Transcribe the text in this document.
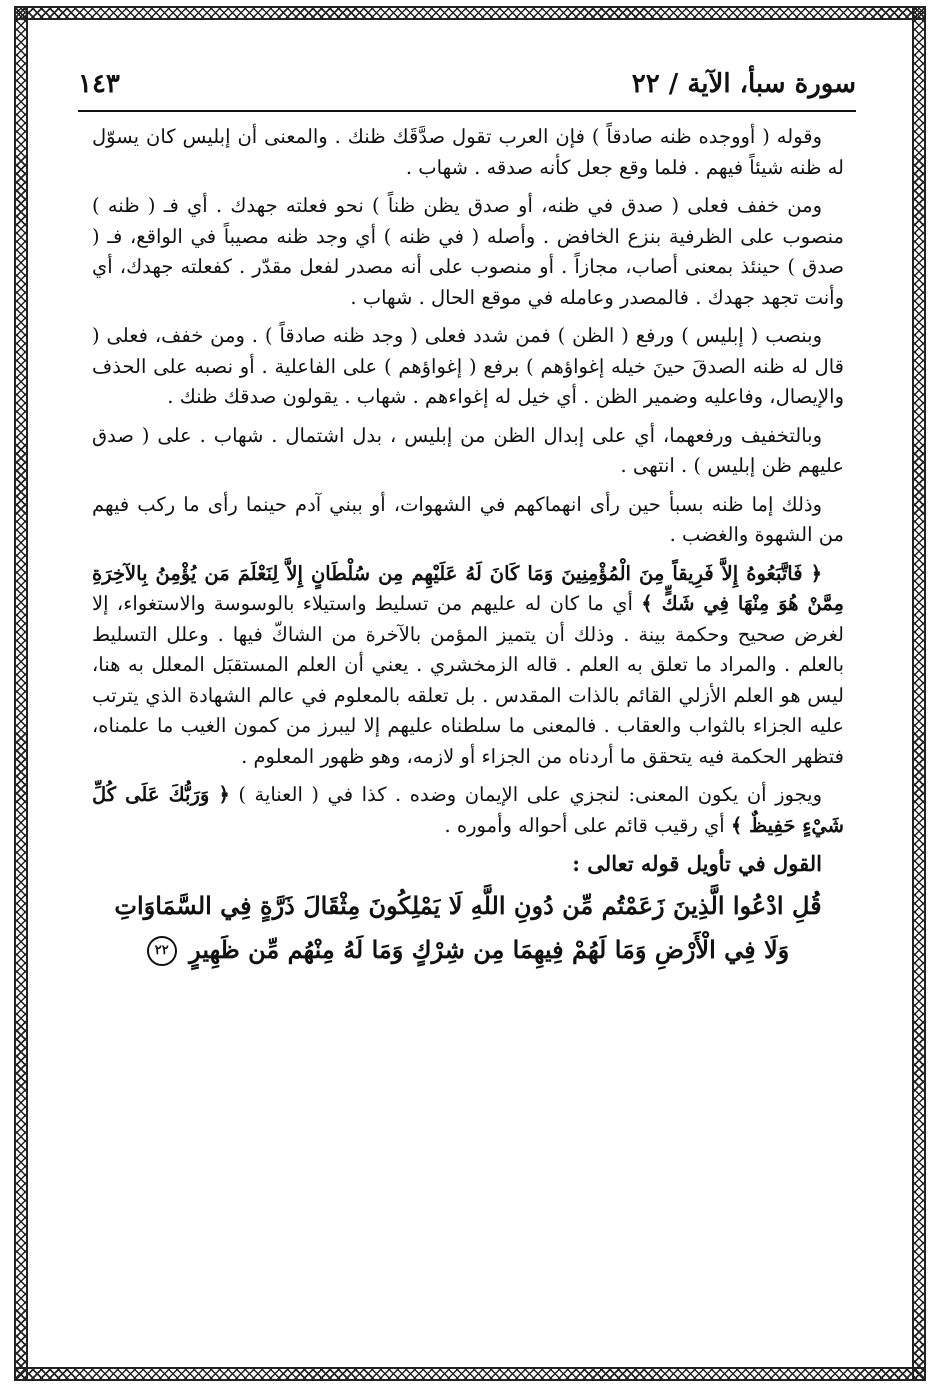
سورة سبأ، الآية / ٢٢
١٤٣

وقوله ( أووجده ظنه صادقاً ) فإن العرب تقول صدَّقَك ظنك . والمعنى أن إبليس كان يسوّل له ظنه شيئاً فيهم . فلما وقع جعل كأنه صدقه . شهاب .

ومن خفف فعلى ( صدق في ظنه، أو صدق يظن ظناً ) نحو فعلته جهدك . أي فـ ( ظنه ) منصوب على الظرفية بنزع الخافض . وأصله ( في ظنه ) أي وجد ظنه مصيباً في الواقع، فـ ( صدق ) حينئذ بمعنى أصاب، مجازاً . أو منصوب على أنه مصدر لفعل مقدّر . كفعلته جهدك، أي وأنت تجهد جهدك . فالمصدر وعامله في موقع الحال . شهاب .

وبنصب ( إبليس ) ورفع ( الظن ) فمن شدد فعلى ( وجد ظنه صادقاً ) . ومن خفف، فعلى ( قال له ظنه الصدقَ حينَ خيله إغواؤهم ) برفع ( إغواؤهم ) على الفاعلية . أو نصبه على الحذف والإيصال، وفاعليه وضمير الظن . أي خيل له إغواءهم . شهاب . يقولون صدقك ظنك .

وبالتخفيف ورفعهما، أي على إبدال الظن من إبليس ، بدل اشتمال . شهاب . على ( صدق عليهم ظن إبليس ) . انتهى .

وذلك إما ظنه بسبأ حين رأى انهماكهم في الشهوات، أو ببني آدم حينما رأى ما ركب فيهم من الشهوة والغضب .

﴿ فَاتَّبَعُوهُ إِلاَّ فَرِيقاً مِنَ الْمُؤْمِنِينَ وَمَا كَانَ لَهُ عَلَيْهِم مِن سُلْطَانٍ إِلاَّ لِنَعْلَمَ مَن يُؤْمِنُ بِالآخِرَةِ مِمَّنْ هُوَ مِنْهَا فِي شَكٍّ ﴾ أي ما كان له عليهم من تسليط واستيلاء بالوسوسة والاستغواء، إلا لغرض صحيح وحكمة بينة . وذلك أن يتميز المؤمن بالآخرة من الشاكّ فيها . وعلل التسليط بالعلم . والمراد ما تعلق به العلم . قاله الزمخشري . يعني أن العلم المستقبَل المعلل به هنا، ليس هو العلم الأزلي القائم بالذات المقدس . بل تعلقه بالمعلوم في عالم الشهادة الذي يترتب عليه الجزاء بالثواب والعقاب . فالمعنى ما سلطناه عليهم إلا ليبرز من كمون الغيب ما علمناه، فتظهر الحكمة فيه يتحقق ما أردناه من الجزاء أو لازمه، وهو ظهور المعلوم .

ويجوز أن يكون المعنى: لنجزي على الإيمان وضده . كذا في ( العناية ) ﴿ وَرَبُّكَ عَلَى كُلِّ شَيْءٍ حَفِيظٌ ﴾ أي رقيب قائم على أحواله وأموره .

القول في تأويل قوله تعالى :

قُلِ ادْعُوا الَّذِينَ زَعَمْتُم مِّن دُونِ اللَّهِ لَا يَمْلِكُونَ مِثْقَالَ ذَرَّةٍ فِي السَّمَاوَاتِ
وَلَا فِي الْأَرْضِ وَمَا لَهُمْ فِيهِمَا مِن شِرْكٍ وَمَا لَهُ مِنْهُم مِّن ظَهِيرٍ ٢٢
